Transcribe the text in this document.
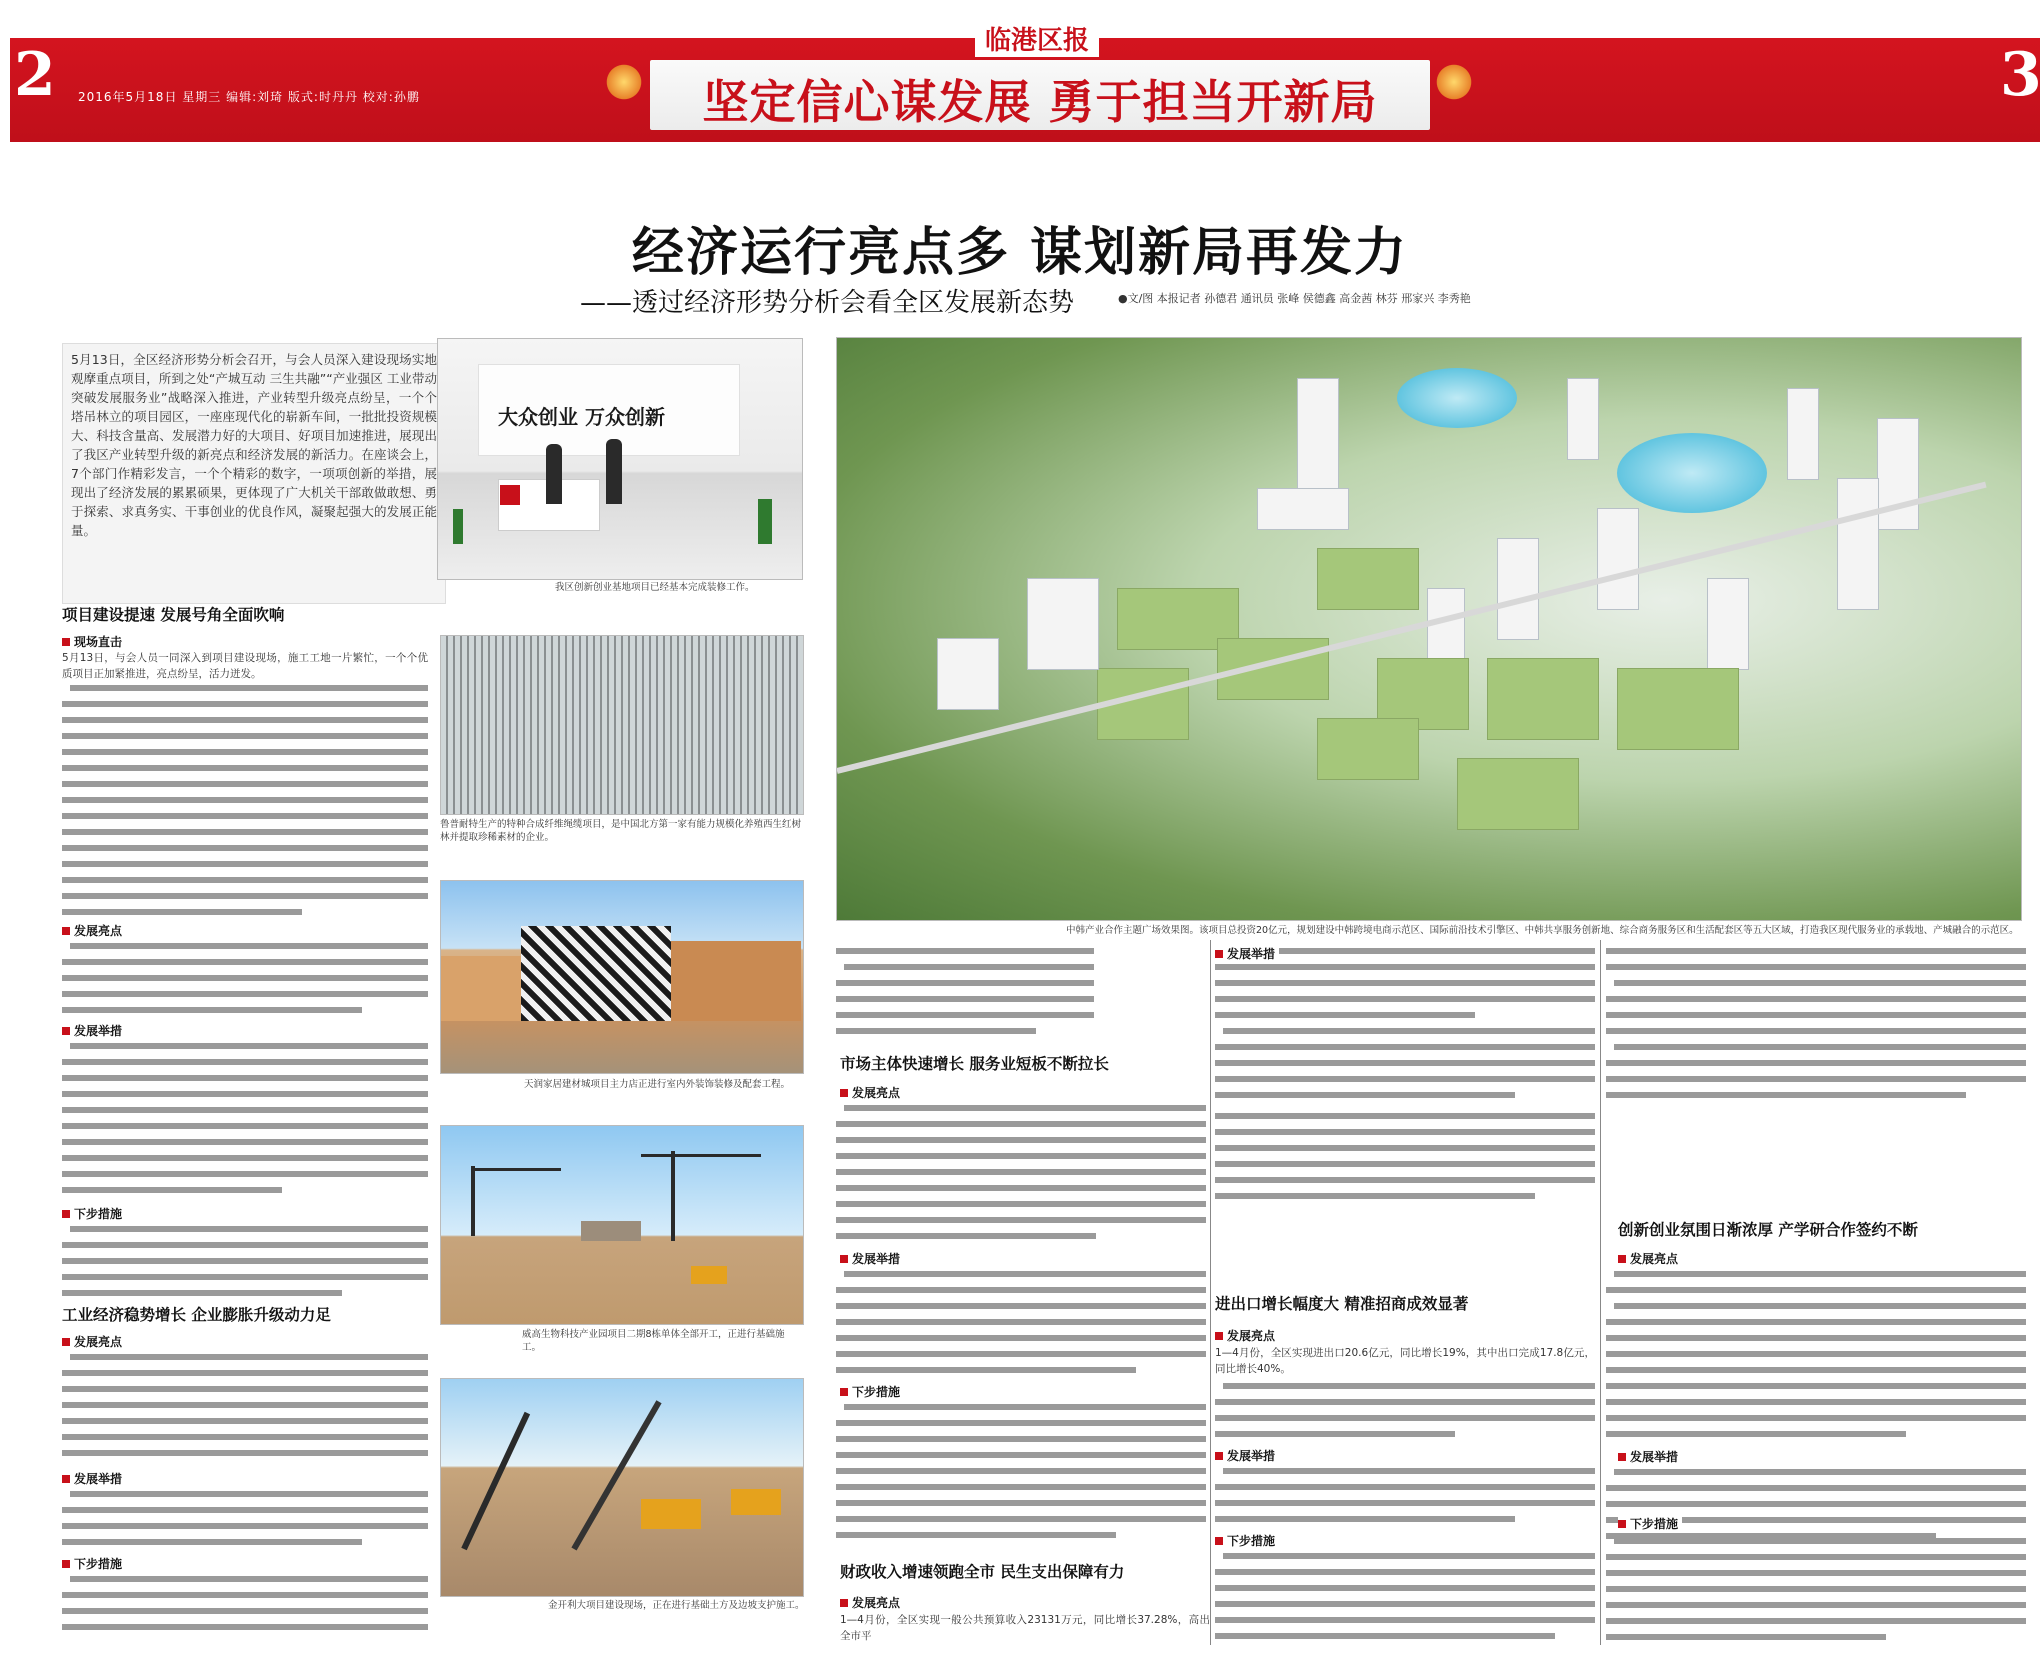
2	3
2016年5月18日 星期三 编辑:刘琦 版式:时丹丹 校对:孙鹏
临港区报
坚定信心谋发展 勇于担当开新局
经济运行亮点多 谋划新局再发力
——透过经济形势分析会看全区发展新态势	●文/图 本报记者 孙德君 通讯员 张峰 侯德鑫 高金茜 林芬 邢家兴 李秀艳
5月13日，全区经济形势分析会召开，与会人员深入建设现场实地观摩重点项目，所到之处“产城互动 三生共融”“产业强区 工业带动 突破发展服务业”战略深入推进，产业转型升级亮点纷呈，一个个塔吊林立的项目园区，一座座现代化的崭新车间，一批批投资规模大、科技含量高、发展潜力好的大项目、好项目加速推进，展现出了我区产业转型升级的新亮点和经济发展的新活力。在座谈会上，7个部门作精彩发言，一个个精彩的数字，一项项创新的举措，展现出了经济发展的累累硕果，更体现了广大机关干部敢做敢想、勇于探索、求真务实、干事创业的优良作风，凝聚起强大的发展正能量。
项目建设提速 发展号角全面吹响
现场直击
5月13日，与会人员一同深入到项目建设现场，施工工地一片繁忙，一个个优质项目正加紧推进，亮点纷呈，活力迸发。
发展亮点
发展举措
下步措施
工业经济稳势增长 企业膨胀升级动力足
发展亮点
发展举措
下步措施
大众创业 万众创新
我区创新创业基地项目已经基本完成装修工作。
鲁普耐特生产的特种合成纤维绳缆项目，是中国北方第一家有能力规模化养殖西生红树林并提取珍稀素材的企业。
天润家居建材城项目主力店正进行室内外装饰装修及配套工程。
威高生物科技产业园项目二期8栋单体全部开工，正进行基础施工。
金开利大项目建设现场，正在进行基础土方及边坡支护施工。
中韩产业合作主题广场效果图。该项目总投资20亿元，规划建设中韩跨境电商示范区、国际前沿技术引擎区、中韩共享服务创新地、综合商务服务区和生活配套区等五大区域，打造我区现代服务业的承载地、产城融合的示范区。
市场主体快速增长 服务业短板不断拉长
发展亮点
发展举措
下步措施
财政收入增速领跑全市 民生支出保障有力
发展亮点
1—4月份，全区实现一般公共预算收入23131万元，同比增长37.28%，高出全市平
发展举措
进出口增长幅度大 精准招商成效显著
发展亮点
1—4月份，全区实现进出口20.6亿元，同比增长19%，其中出口完成17.8亿元，同比增长40%。
发展举措
下步措施
创新创业氛围日渐浓厚 产学研合作签约不断
发展亮点
发展举措
下步措施
